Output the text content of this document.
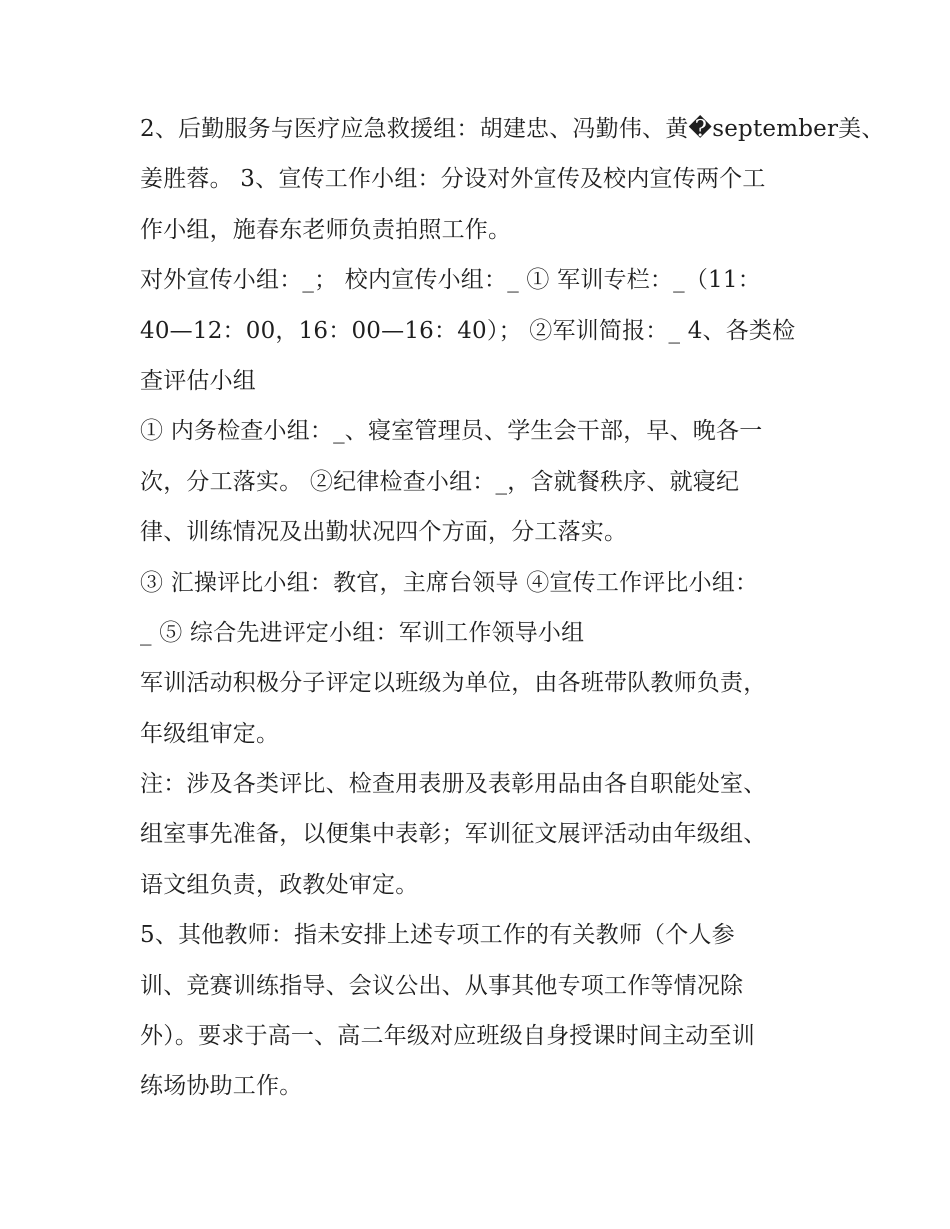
2、后勤服务与医疗应急救援组：胡建忠、冯勤伟、黄�september美、
姜胜蓉。 3、宣传工作小组：分设对外宣传及校内宣传两个工
作小组，施春东老师负责拍照工作。
对外宣传小组：_； 校内宣传小组：_ ① 军训专栏：_（11：
40—12：00，16：00—16：40）； ②军训简报：_ 4、各类检
查评估小组
① 内务检查小组：_、寝室管理员、学生会干部，早、晚各一
次，分工落实。 ②纪律检查小组：_，含就餐秩序、就寝纪
律、训练情况及出勤状况四个方面，分工落实。
③ 汇操评比小组：教官，主席台领导 ④宣传工作评比小组：
_ ⑤ 综合先进评定小组：军训工作领导小组
军训活动积极分子评定以班级为单位，由各班带队教师负责，
年级组审定。
注：涉及各类评比、检查用表册及表彰用品由各自职能处室、
组室事先准备，以便集中表彰；军训征文展评活动由年级组、
语文组负责，政教处审定。
5、其他教师：指未安排上述专项工作的有关教师（个人参
训、竞赛训练指导、会议公出、从事其他专项工作等情况除
外）。要求于高一、高二年级对应班级自身授课时间主动至训
练场协助工作。
